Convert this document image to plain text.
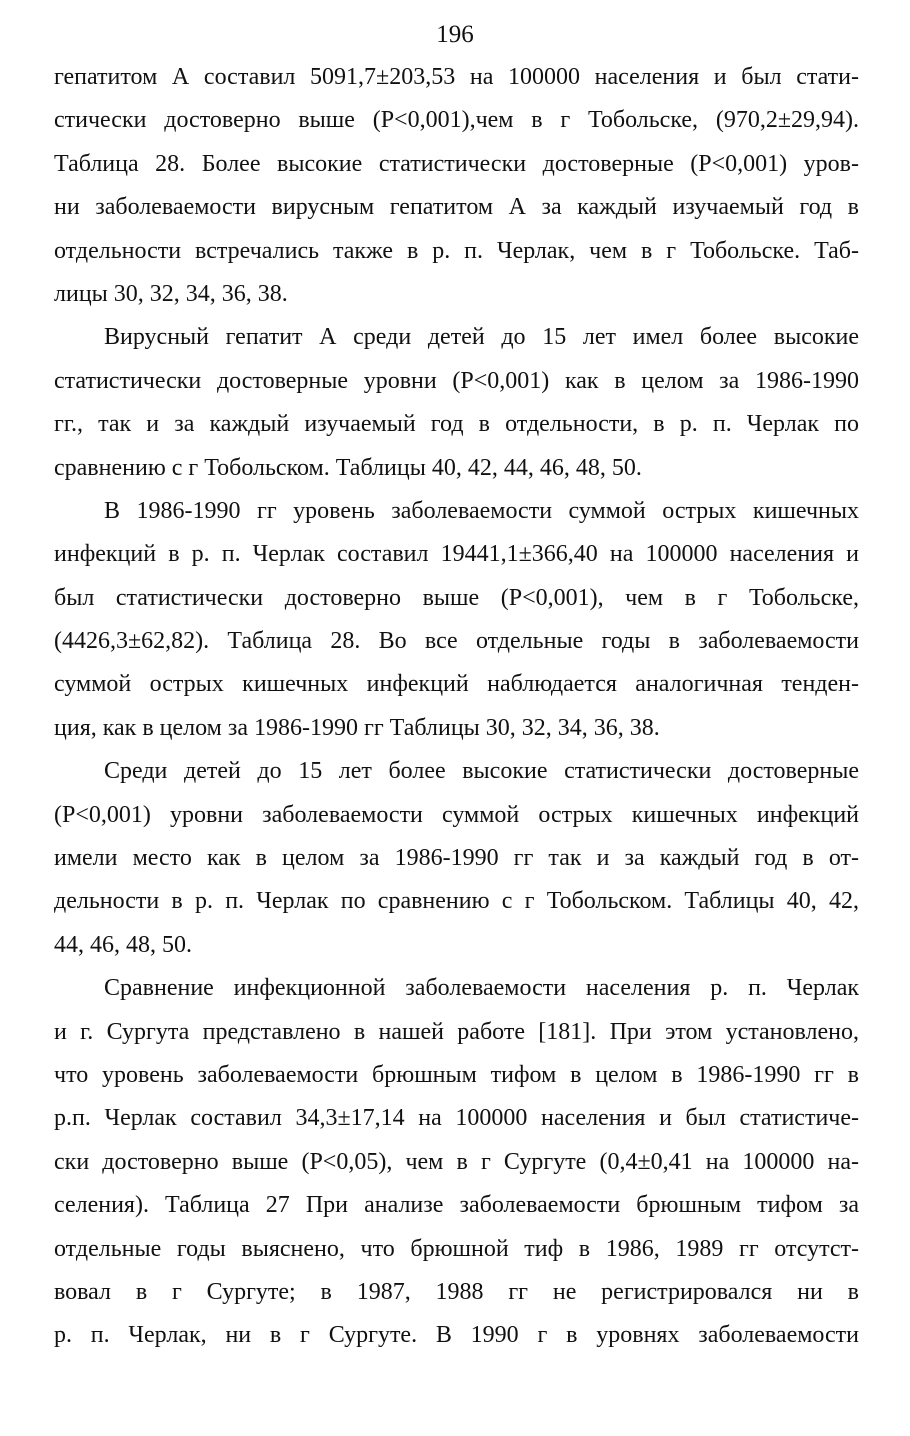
196
гепатитом А составил 5091,7±203,53 на 100000 населения и был стати-
стически достоверно выше (Р<0,001),чем в г Тобольске, (970,2±29,94).
Таблица 28. Более высокие статистически достоверные (Р<0,001) уров-
ни заболеваемости вирусным гепатитом А за каждый изучаемый год в
отдельности встречались также в р. п. Черлак, чем в г Тобольске. Таб-
лицы 30, 32, 34, 36, 38.
Вирусный гепатит А среди детей до 15 лет имел более высокие
статистически достоверные уровни (Р<0,001) как в целом за 1986-1990
гг., так и за каждый изучаемый год в отдельности, в р. п. Черлак по
сравнению с г Тобольском. Таблицы 40, 42, 44, 46, 48, 50.
В 1986-1990 гг уровень заболеваемости суммой острых кишечных
инфекций в р. п. Черлак составил 19441,1±366,40 на 100000 населения и
был статистически достоверно выше (Р<0,001), чем в г Тобольске,
(4426,3±62,82). Таблица 28. Во все отдельные годы в заболеваемости
суммой острых кишечных инфекций наблюдается аналогичная тенден-
ция, как в целом за 1986-1990 гг Таблицы 30, 32, 34, 36, 38.
Среди детей до 15 лет более высокие статистически достоверные
(Р<0,001) уровни заболеваемости суммой острых кишечных инфекций
имели место как в целом за 1986-1990 гг так и за каждый год в от-
дельности в р. п. Черлак по сравнению с г Тобольском. Таблицы 40, 42,
44, 46, 48, 50.
Сравнение инфекционной заболеваемости населения р. п. Черлак
и г. Сургута представлено в нашей работе [181]. При этом установлено,
что уровень заболеваемости брюшным тифом в целом в 1986-1990 гг в
р.п. Черлак составил 34,3±17,14 на 100000 населения и был статистиче-
ски достоверно выше (Р<0,05), чем в г Сургуте (0,4±0,41 на 100000 на-
селения). Таблица 27 При анализе заболеваемости брюшным тифом за
отдельные годы выяснено, что брюшной тиф в 1986, 1989 гг отсутст-
вовал в г Сургуте; в 1987, 1988 гг не регистрировался ни в
р. п. Черлак, ни в г Сургуте. В 1990 г в уровнях заболеваемости
